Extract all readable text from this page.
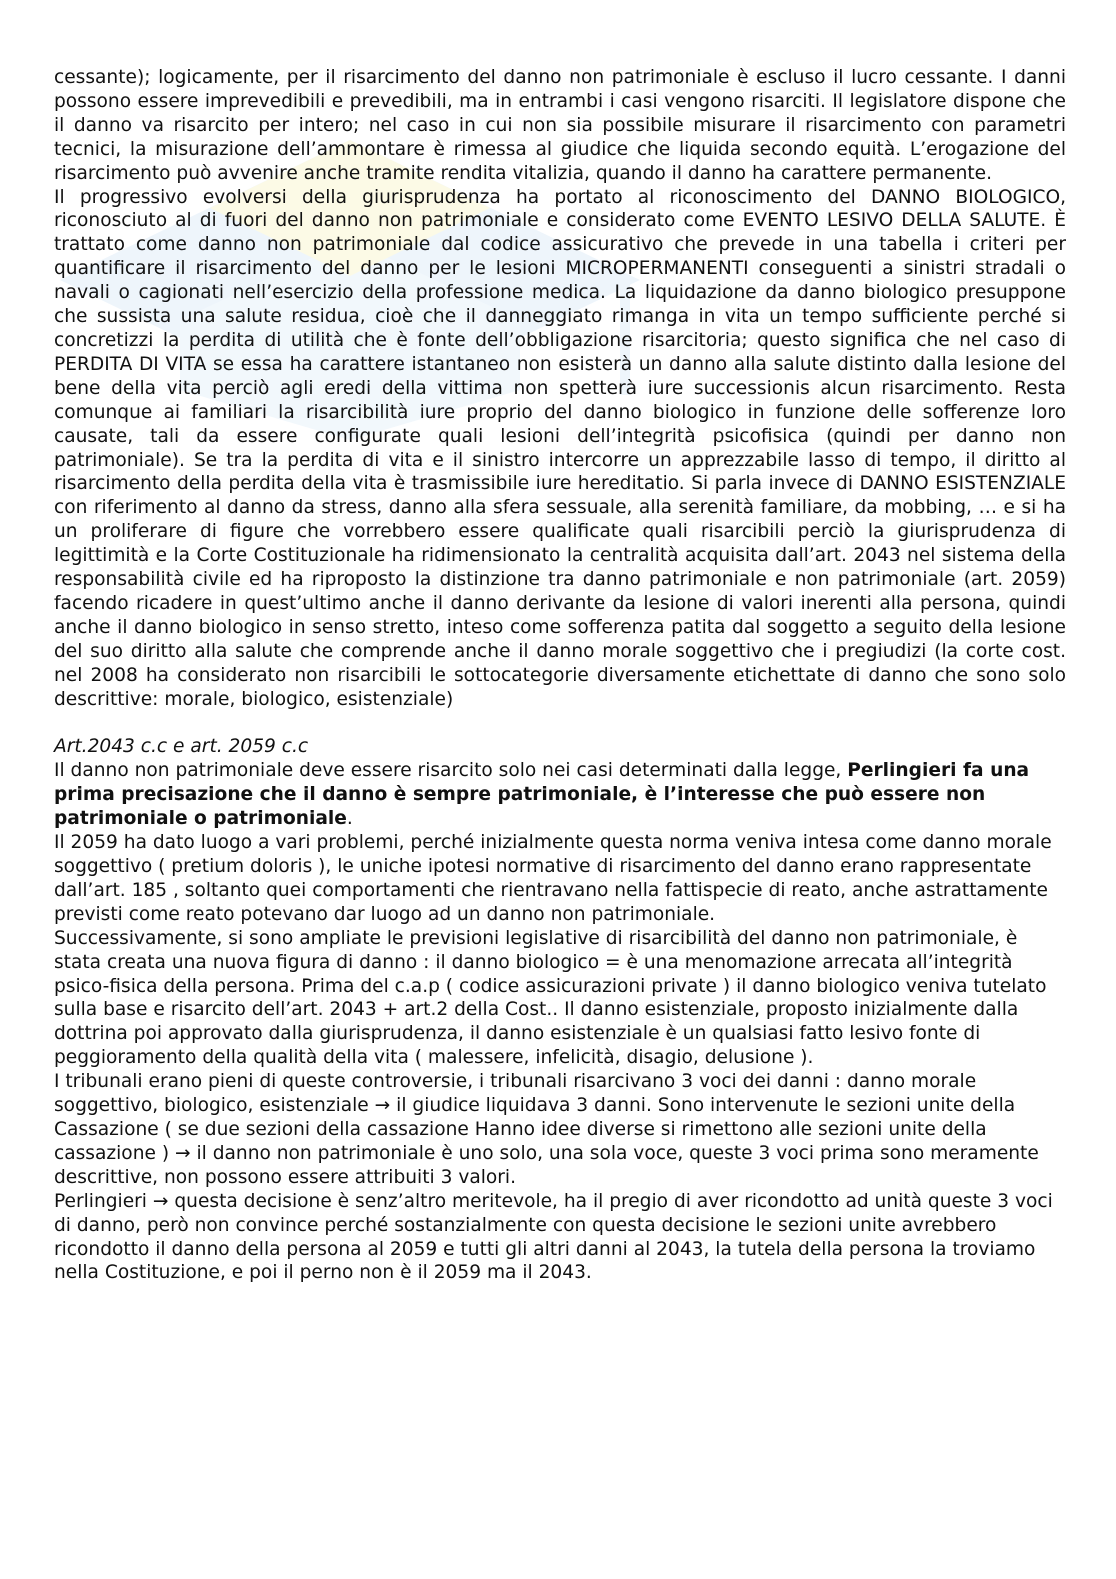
cessante); logicamente, per il risarcimento del danno non patrimoniale è escluso il lucro cessante. I danni possono essere imprevedibili e prevedibili, ma in entrambi i casi vengono risarciti. Il legislatore dispone che il danno va risarcito per intero; nel caso in cui non sia possibile misurare il risarcimento con parametri tecnici, la misurazione dell’ammontare è rimessa al giudice che liquida secondo equità. L’erogazione del risarcimento può avvenire anche tramite rendita vitalizia, quando il danno ha carattere permanente.

Il progressivo evolversi della giurisprudenza ha portato al riconoscimento del DANNO BIOLOGICO, riconosciuto al di fuori del danno non patrimoniale e considerato come EVENTO LESIVO DELLA SALUTE. È trattato come danno non patrimoniale dal codice assicurativo che prevede in una tabella i criteri per quantificare il risarcimento del danno per le lesioni MICROPERMANENTI conseguenti a sinistri stradali o navali o cagionati nell’esercizio della professione medica. La liquidazione da danno biologico presuppone che sussista una salute residua, cioè che il danneggiato rimanga in vita un tempo sufficiente perché si concretizzi la perdita di utilità che è fonte dell’obbligazione risarcitoria; questo significa che nel caso di PERDITA DI VITA se essa ha carattere istantaneo non esisterà un danno alla salute distinto dalla lesione del bene della vita perciò agli eredi della vittima non spetterà iure successionis alcun risarcimento. Resta comunque ai familiari la risarcibilità iure proprio del danno biologico in funzione delle sofferenze loro causate, tali da essere configurate quali lesioni dell’integrità psicofisica (quindi per danno non patrimoniale). Se tra la perdita di vita e il sinistro intercorre un apprezzabile lasso di tempo, il diritto al risarcimento della perdita della vita è trasmissibile iure hereditatio. Si parla invece di DANNO ESISTENZIALE con riferimento al danno da stress, danno alla sfera sessuale, alla serenità familiare, da mobbing, … e si ha un proliferare di figure che vorrebbero essere qualificate quali risarcibili perciò la giurisprudenza di legittimità e la Corte Costituzionale ha ridimensionato la centralità acquisita dall’art. 2043 nel sistema della responsabilità civile ed ha riproposto la distinzione tra danno patrimoniale e non patrimoniale (art. 2059) facendo ricadere in quest’ultimo anche il danno derivante da lesione di valori inerenti alla persona, quindi anche il danno biologico in senso stretto, inteso come sofferenza patita dal soggetto a seguito della lesione del suo diritto alla salute che comprende anche il danno morale soggettivo che i pregiudizi (la corte cost. nel 2008 ha considerato non risarcibili le sottocategorie diversamente etichettate di danno che sono solo descrittive: morale, biologico, esistenziale)

Art.2043 c.c e art. 2059 c.c

Il danno non patrimoniale deve essere risarcito solo nei casi determinati dalla legge, Perlingieri fa una prima precisazione che il danno è sempre patrimoniale, è l’interesse che può essere non patrimoniale o patrimoniale.

Il 2059 ha dato luogo a vari problemi, perché inizialmente questa norma veniva intesa come danno morale soggettivo ( pretium doloris ), le uniche ipotesi normative di risarcimento del danno erano rappresentate dall’art. 185 , soltanto quei comportamenti che rientravano nella fattispecie di reato, anche astrattamente previsti come reato potevano dar luogo ad un danno non patrimoniale.

Successivamente, si sono ampliate le previsioni legislative di risarcibilità del danno non patrimoniale, è stata creata una nuova figura di danno : il danno biologico = è una menomazione arrecata all’integrità psico-fisica della persona. Prima del c.a.p ( codice assicurazioni private ) il danno biologico veniva tutelato sulla base e risarcito dell’art. 2043 + art.2 della Cost.. Il danno esistenziale, proposto inizialmente dalla dottrina poi approvato dalla giurisprudenza, il danno esistenziale è un qualsiasi fatto lesivo fonte di peggioramento della qualità della vita ( malessere, infelicità, disagio, delusione ).

I tribunali erano pieni di queste controversie, i tribunali risarcivano 3 voci dei danni : danno morale soggettivo, biologico, esistenziale → il giudice liquidava 3 danni. Sono intervenute le sezioni unite della Cassazione ( se due sezioni della cassazione Hanno idee diverse si rimettono alle sezioni unite della cassazione ) → il danno non patrimoniale è uno solo, una sola voce, queste 3 voci prima sono meramente descrittive, non possono essere attribuiti 3 valori.

Perlingieri → questa decisione è senz’altro meritevole, ha il pregio di aver ricondotto ad unità queste 3 voci di danno, però non convince perché sostanzialmente con questa decisione le sezioni unite avrebbero ricondotto il danno della persona al 2059 e tutti gli altri danni al 2043, la tutela della persona la troviamo nella Costituzione, e poi il perno non è il 2059 ma il 2043.
